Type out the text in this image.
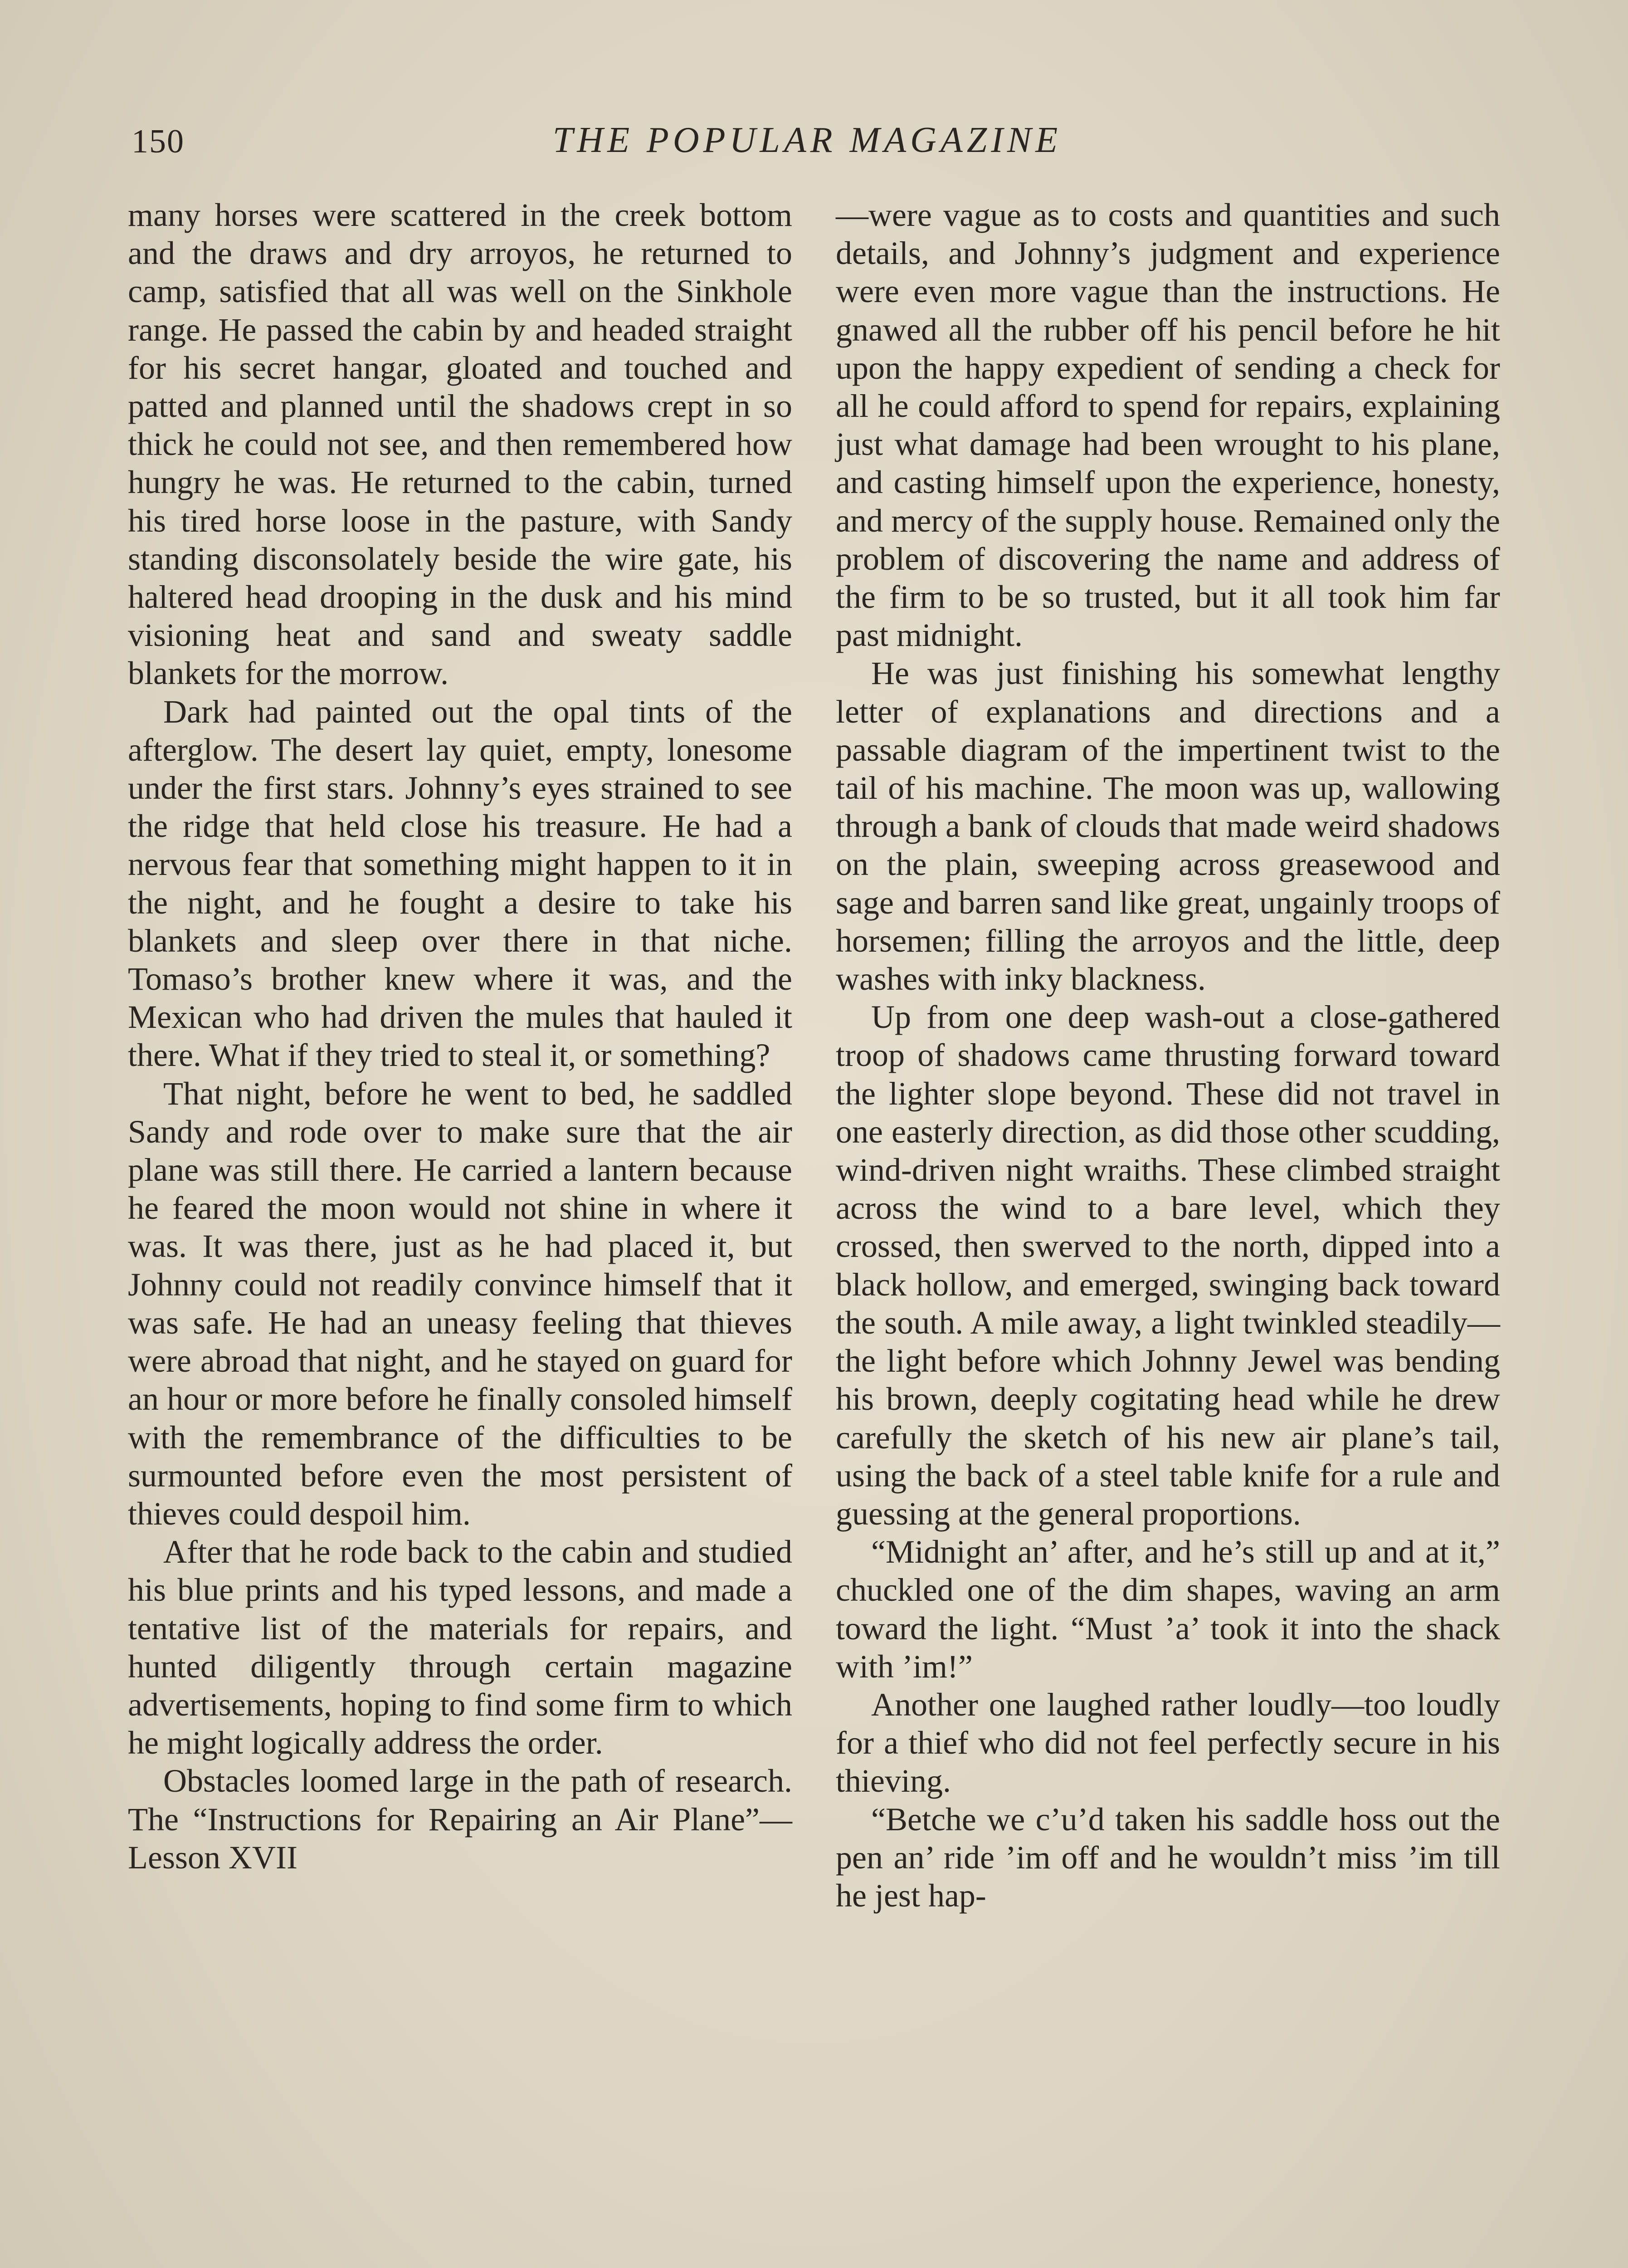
150	THE POPULAR MAGAZINE

many horses were scattered in the creek bottom and the draws and dry arroyos, he returned to camp, satisfied that all was well on the Sinkhole range. He passed the cabin by and headed straight for his secret hangar, gloated and touched and patted and planned until the shadows crept in so thick he could not see, and then remembered how hungry he was. He returned to the cabin, turned his tired horse loose in the pasture, with Sandy standing disconsolately beside the wire gate, his haltered head drooping in the dusk and his mind visioning heat and sand and sweaty saddle blankets for the morrow.

Dark had painted out the opal tints of the afterglow. The desert lay quiet, empty, lonesome under the first stars. Johnny’s eyes strained to see the ridge that held close his treasure. He had a nervous fear that something might happen to it in the night, and he fought a desire to take his blankets and sleep over there in that niche. Tomaso’s brother knew where it was, and the Mexican who had driven the mules that hauled it there. What if they tried to steal it, or something?

That night, before he went to bed, he saddled Sandy and rode over to make sure that the air plane was still there. He carried a lantern because he feared the moon would not shine in where it was. It was there, just as he had placed it, but Johnny could not readily convince himself that it was safe. He had an uneasy feeling that thieves were abroad that night, and he stayed on guard for an hour or more before he finally consoled himself with the remembrance of the difficulties to be surmounted before even the most persistent of thieves could despoil him.

After that he rode back to the cabin and studied his blue prints and his typed lessons, and made a tentative list of the materials for repairs, and hunted diligently through certain magazine advertisements, hoping to find some firm to which he might logically address the order.

Obstacles loomed large in the path of research. The “Instructions for Repairing an Air Plane”—Lesson XVII

—were vague as to costs and quantities and such details, and Johnny’s judgment and experience were even more vague than the instructions. He gnawed all the rubber off his pencil before he hit upon the happy expedient of sending a check for all he could afford to spend for repairs, explaining just what damage had been wrought to his plane, and casting himself upon the experience, honesty, and mercy of the supply house. Remained only the problem of discovering the name and address of the firm to be so trusted, but it all took him far past midnight.

He was just finishing his somewhat lengthy letter of explanations and directions and a passable diagram of the impertinent twist to the tail of his machine. The moon was up, wallowing through a bank of clouds that made weird shadows on the plain, sweeping across greasewood and sage and barren sand like great, ungainly troops of horsemen; filling the arroyos and the little, deep washes with inky blackness.

Up from one deep wash-out a close-gathered troop of shadows came thrusting forward toward the lighter slope beyond. These did not travel in one easterly direction, as did those other scudding, wind-driven night wraiths. These climbed straight across the wind to a bare level, which they crossed, then swerved to the north, dipped into a black hollow, and emerged, swinging back toward the south. A mile away, a light twinkled steadily—the light before which Johnny Jewel was bending his brown, deeply cogitating head while he drew carefully the sketch of his new air plane’s tail, using the back of a steel table knife for a rule and guessing at the general proportions.

“Midnight an’ after, and he’s still up and at it,” chuckled one of the dim shapes, waving an arm toward the light. “Must ’a’ took it into the shack with ’im!”

Another one laughed rather loudly—too loudly for a thief who did not feel perfectly secure in his thieving.

“Betche we c’u’d taken his saddle hoss out the pen an’ ride ’im off and he wouldn’t miss ’im till he jest hap-
